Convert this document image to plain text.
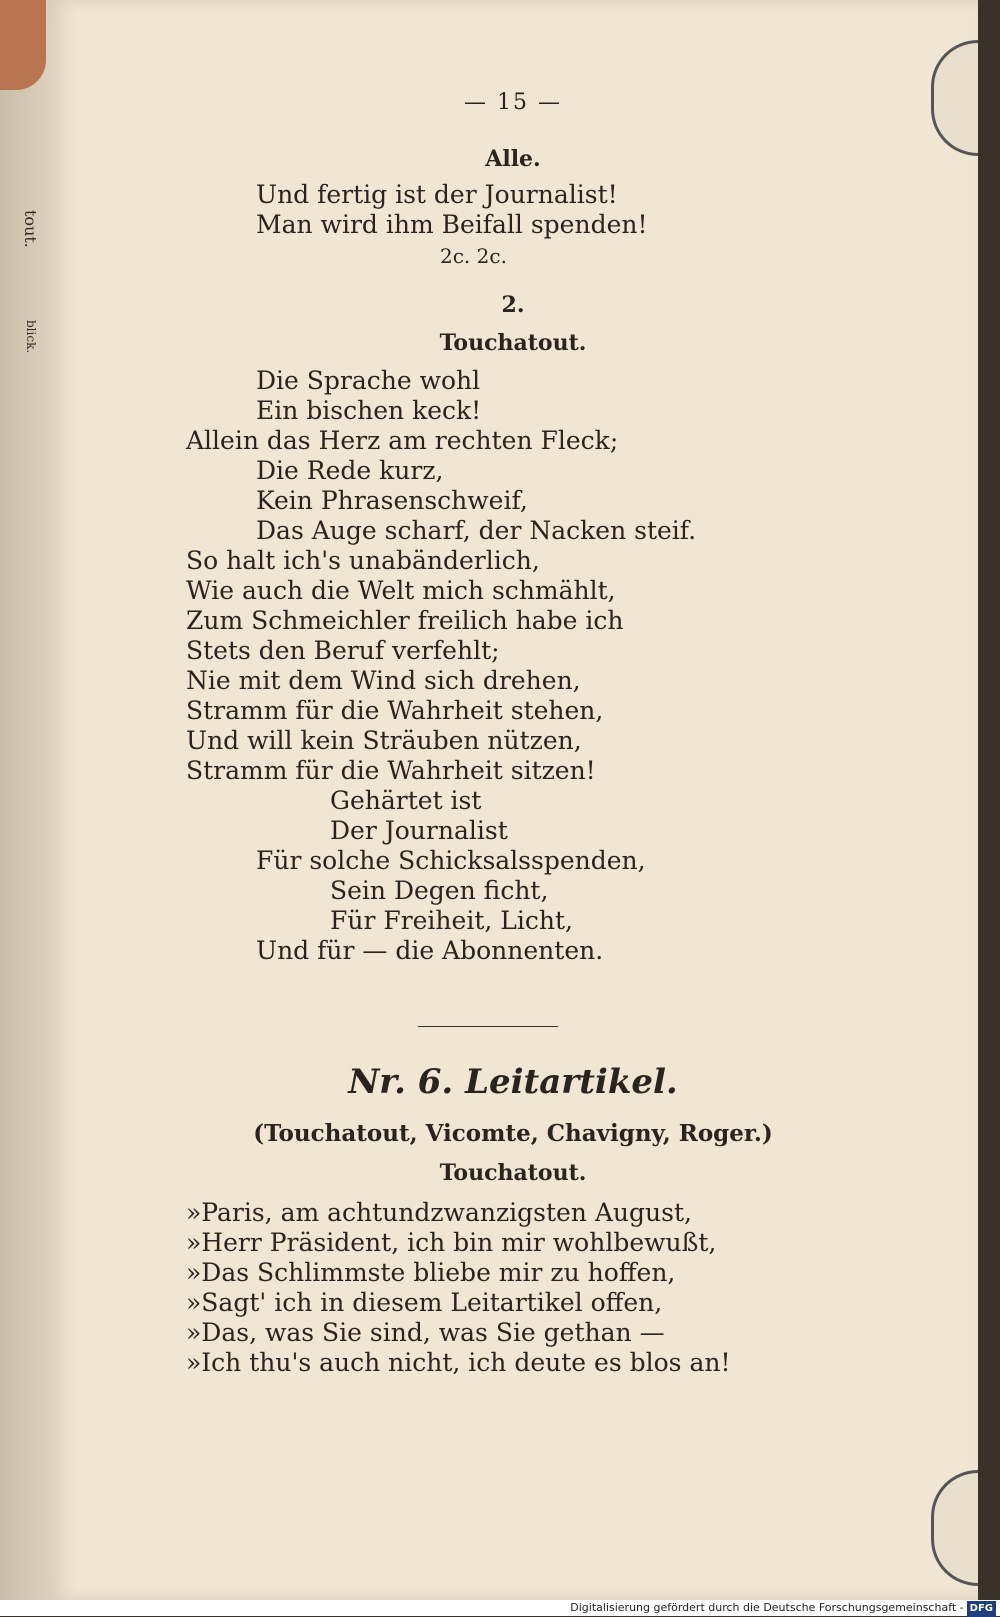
tout.
blick.
— 15 —
Alle.
Und fertig ist der Journalist!
Man wird ihm Beifall spenden!
2c. 2c.
2.
Touchatout.
Die Sprache wohl
Ein bischen keck!
Allein das Herz am rechten Fleck;
Die Rede kurz,
Kein Phrasenschweif,
Das Auge scharf, der Nacken steif.
So halt ich's unabänderlich,
Wie auch die Welt mich schmählt,
Zum Schmeichler freilich habe ich
Stets den Beruf verfehlt;
Nie mit dem Wind sich drehen,
Stramm für die Wahrheit stehen,
Und will kein Sträuben nützen,
Stramm für die Wahrheit sitzen!
Gehärtet ist
Der Journalist
Für solche Schicksalsspenden,
Sein Degen ficht,
Für Freiheit, Licht,
Und für — die Abonnenten.
Nr. 6. Leitartikel.
(Touchatout, Vicomte, Chavigny, Roger.)
Touchatout.
»Paris, am achtundzwanzigsten August,
»Herr Präsident, ich bin mir wohlbewußt,
»Das Schlimmste bliebe mir zu hoffen,
»Sagt' ich in diesem Leitartikel offen,
»Das, was Sie sind, was Sie gethan —
»Ich thu's auch nicht, ich deute es blos an!
Digitalisierung gefördert durch die Deutsche Forschungsgemeinschaft - DFG
